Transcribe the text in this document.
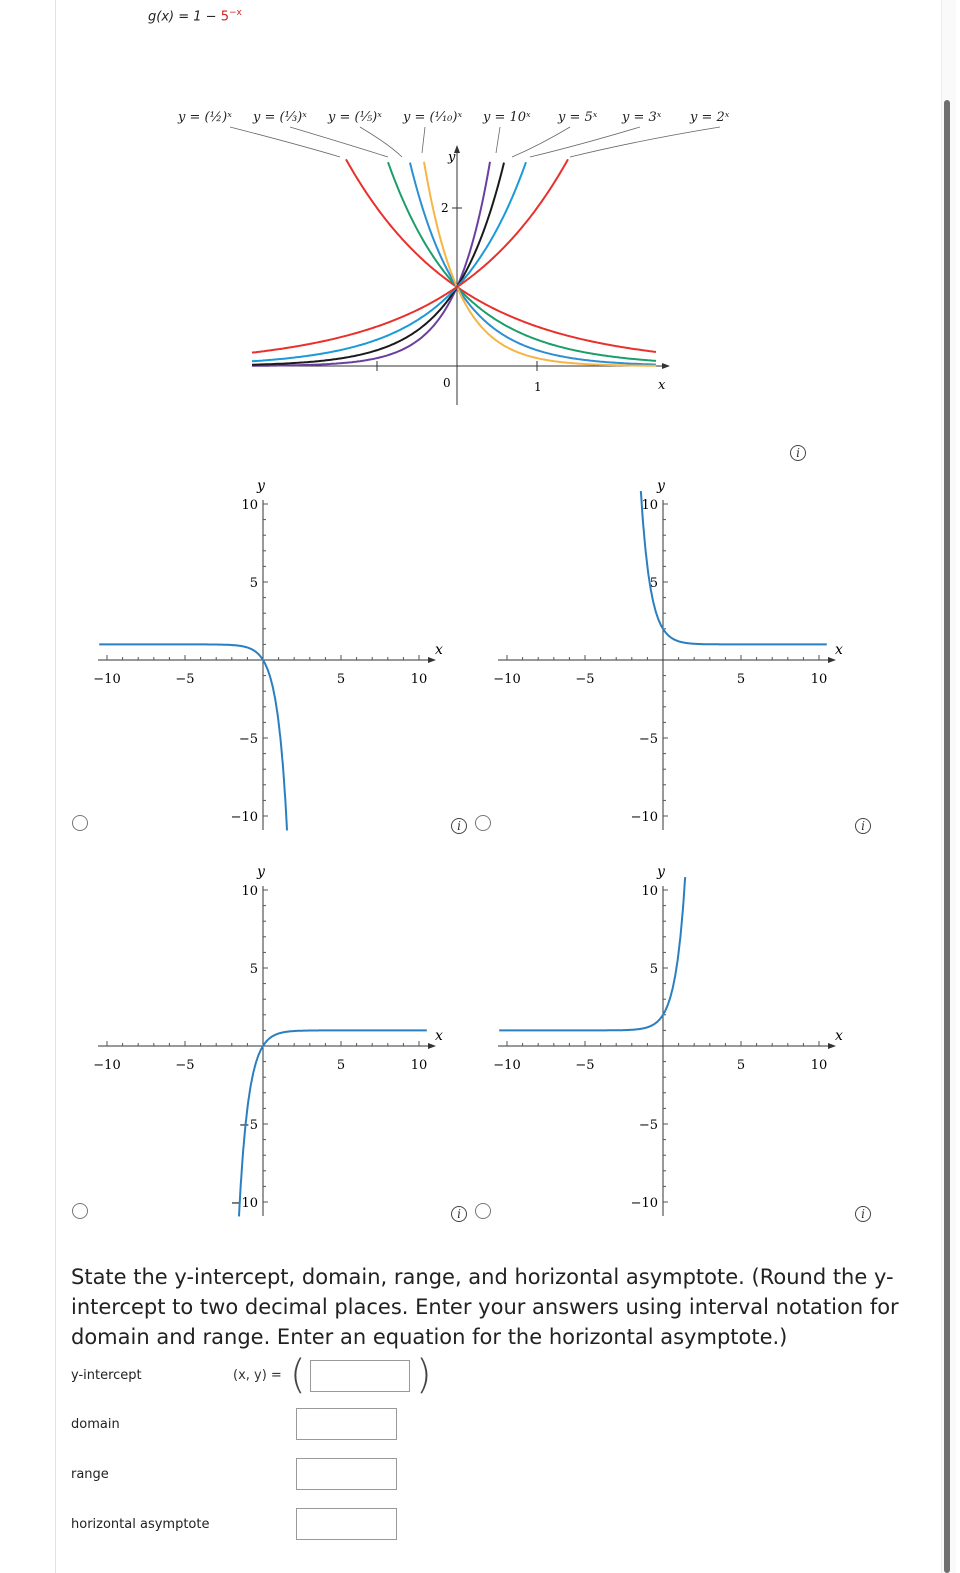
$g(x) = 1 - 5^{-x}$
y = (½)ˣ y = (⅓)ˣ y = (⅕)ˣ y = (¹⁄₁₀)ˣ y = 10ˣ y = 5ˣ y = 3ˣ y = 2ˣ
y
x
2
0	1
i
−10	−5	5	10
10
5
−5
−10
x
y
−10	−5	5	10
10
5
−5
−10
x
y
−10	−5	5	10
10
5
−5
−10
x
y
−10	−5	5	10
10
5
−5
−10
x
y
i	i
i	i
State the y-intercept, domain, range, and horizontal asymptote. (Round the y-intercept to two decimal places. Enter your answers using interval notation for domain and range. Enter an equation for the horizontal asymptote.)
y-intercept	(x, y) = (	)
domain
range
horizontal asymptote
